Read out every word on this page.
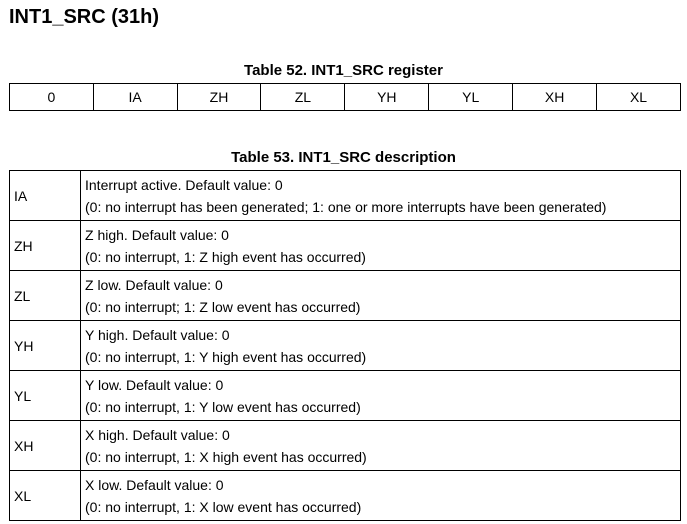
INT1_SRC (31h)
Table 52. INT1_SRC register
0	IA	ZH	ZL	YH	YL	XH	XL
Table 53. INT1_SRC description
IA	Interrupt active. Default value: 0
(0: no interrupt has been generated; 1: one or more interrupts have been generated)

ZH	Z high. Default value: 0
(0: no interrupt, 1: Z high event has occurred)

ZL	Z low. Default value: 0
(0: no interrupt; 1: Z low event has occurred)

YH	Y high. Default value: 0
(0: no interrupt, 1: Y high event has occurred)

YL	Y low. Default value: 0
(0: no interrupt, 1: Y low event has occurred)

XH	X high. Default value: 0
(0: no interrupt, 1: X high event has occurred)

XL	X low. Default value: 0
(0: no interrupt, 1: X low event has occurred)
